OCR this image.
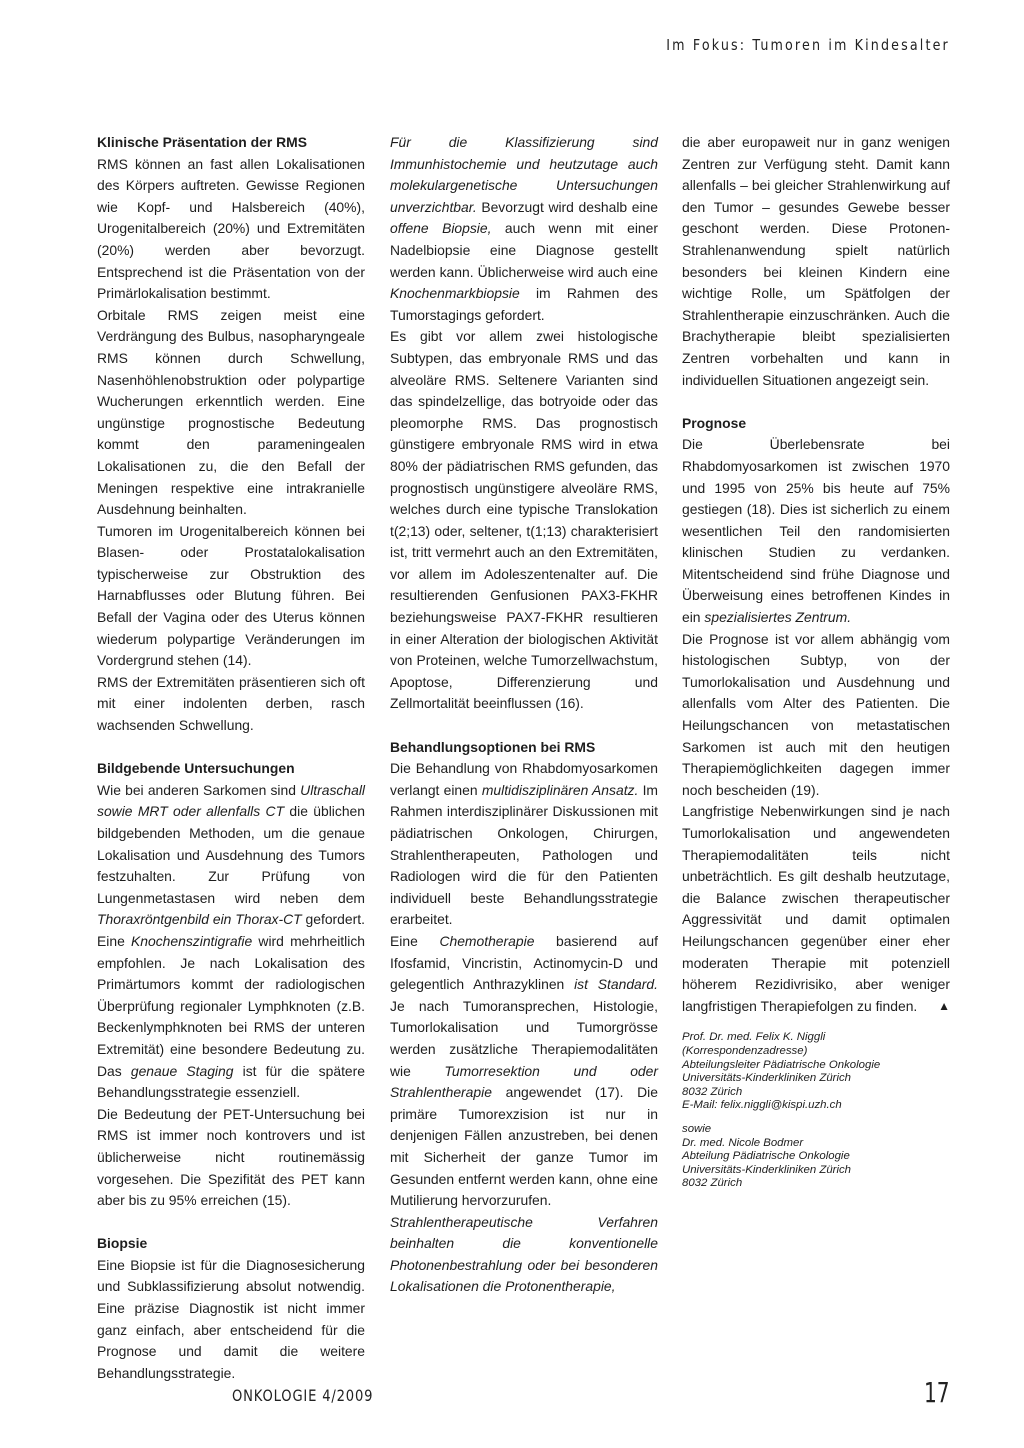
Im Fokus: Tumoren im Kindesalter
Klinische Präsentation der RMS

RMS können an fast allen Lokalisationen des Körpers auftreten. Gewisse Regionen wie Kopf- und Halsbereich (40%), Urogenitalbereich (20%) und Extremitäten (20%) werden aber bevorzugt. Entsprechend ist die Präsentation von der Primärlokalisation bestimmt.

Orbitale RMS zeigen meist eine Verdrängung des Bulbus, nasopharyngeale RMS können durch Schwellung, Nasenhöhlenobstruktion oder polypartige Wucherungen erkenntlich werden. Eine ungünstige prognostische Bedeutung kommt den parameningealen Lokalisationen zu, die den Befall der Meningen respektive eine intrakranielle Ausdehnung beinhalten.

Tumoren im Urogenitalbereich können bei Blasen- oder Prostatalokalisation typischerweise zur Obstruktion des Harnabflusses oder Blutung führen. Bei Befall der Vagina oder des Uterus können wiederum polypartige Veränderungen im Vordergrund stehen (14).

RMS der Extremitäten präsentieren sich oft mit einer indolenten derben, rasch wachsenden Schwellung.

Bildgebende Untersuchungen

Wie bei anderen Sarkomen sind Ultraschall sowie MRT oder allenfalls CT die üblichen bildgebenden Methoden, um die genaue Lokalisation und Ausdehnung des Tumors festzuhalten. Zur Prüfung von Lungenmetastasen wird neben dem Thoraxröntgenbild ein Thorax-CT gefordert. Eine Knochenszintigrafie wird mehrheitlich empfohlen. Je nach Lokalisation des Primärtumors kommt der radiologischen Überprüfung regionaler Lymphknoten (z.B. Beckenlymphknoten bei RMS der unteren Extremität) eine besondere Bedeutung zu. Das genaue Staging ist für die spätere Behandlungsstrategie essenziell.

Die Bedeutung der PET-Untersuchung bei RMS ist immer noch kontrovers und ist üblicherweise nicht routinemässig vorgesehen. Die Spezifität des PET kann aber bis zu 95% erreichen (15).

Biopsie

Eine Biopsie ist für die Diagnosesicherung und Subklassifizierung absolut notwendig. Eine präzise Diagnostik ist nicht immer ganz einfach, aber entscheidend für die Prognose und damit die weitere Behandlungsstrategie.

Für die Klassifizierung sind Immunhistochemie und heutzutage auch molekulargenetische Untersuchungen unverzichtbar. Bevorzugt wird deshalb eine offene Biopsie, auch wenn mit einer Nadelbiopsie eine Diagnose gestellt werden kann. Üblicherweise wird auch eine Knochenmarkbiopsie im Rahmen des Tumorstagings gefordert.

Es gibt vor allem zwei histologische Subtypen, das embryonale RMS und das alveoläre RMS. Seltenere Varianten sind das spindelzellige, das botryoide oder das pleomorphe RMS. Das prognostisch günstigere embryonale RMS wird in etwa 80% der pädiatrischen RMS gefunden, das prognostisch ungünstigere alveoläre RMS, welches durch eine typische Translokation t(2;13) oder, seltener, t(1;13) charakterisiert ist, tritt vermehrt auch an den Extremitäten, vor allem im Adoleszentenalter auf. Die resultierenden Genfusionen PAX3-FKHR beziehungsweise PAX7-FKHR resultieren in einer Alteration der biologischen Aktivität von Proteinen, welche Tumorzellwachstum, Apoptose, Differenzierung und Zellmortalität beeinflussen (16).

Behandlungsoptionen bei RMS

Die Behandlung von Rhabdomyosarkomen verlangt einen multidisziplinären Ansatz. Im Rahmen interdisziplinärer Diskussionen mit pädiatrischen Onkologen, Chirurgen, Strahlentherapeuten, Pathologen und Radiologen wird die für den Patienten individuell beste Behandlungsstrategie erarbeitet.

Eine Chemotherapie basierend auf Ifosfamid, Vincristin, Actinomycin-D und gelegentlich Anthrazyklinen ist Standard. Je nach Tumoransprechen, Histologie, Tumorlokalisation und Tumorgrösse werden zusätzliche Therapiemodalitäten wie Tumorresektion und oder Strahlentherapie angewendet (17). Die primäre Tumorexzision ist nur in denjenigen Fällen anzustreben, bei denen mit Sicherheit der ganze Tumor im Gesunden entfernt werden kann, ohne eine Mutilierung hervorzurufen.

Strahlentherapeutische Verfahren beinhalten die konventionelle Photonenbestrahlung oder bei besonderen Lokalisationen die Protonentherapie,

die aber europaweit nur in ganz wenigen Zentren zur Verfügung steht. Damit kann allenfalls – bei gleicher Strahlenwirkung auf den Tumor – gesundes Gewebe besser geschont werden. Diese Protonen-Strahlenanwendung spielt natürlich besonders bei kleinen Kindern eine wichtige Rolle, um Spätfolgen der Strahlentherapie einzuschränken. Auch die Brachytherapie bleibt spezialisierten Zentren vorbehalten und kann in individuellen Situationen angezeigt sein.

Prognose

Die Überlebensrate bei Rhabdomyosarkomen ist zwischen 1970 und 1995 von 25% bis heute auf 75% gestiegen (18). Dies ist sicherlich zu einem wesentlichen Teil den randomisierten klinischen Studien zu verdanken. Mitentscheidend sind frühe Diagnose und Überweisung eines betroffenen Kindes in ein spezialisiertes Zentrum.

Die Prognose ist vor allem abhängig vom histologischen Subtyp, von der Tumorlokalisation und Ausdehnung und allenfalls vom Alter des Patienten. Die Heilungschancen von metastatischen Sarkomen ist auch mit den heutigen Therapiemöglichkeiten dagegen immer noch bescheiden (19).

Langfristige Nebenwirkungen sind je nach Tumorlokalisation und angewendeten Therapiemodalitäten teils nicht unbeträchtlich. Es gilt deshalb heutzutage, die Balance zwischen therapeutischer Aggressivität und damit optimalen Heilungschancen gegenüber einer eher moderaten Therapie mit potenziell höherem Rezidivrisiko, aber weniger langfristigen Therapiefolgen zu finden. ▲

Prof. Dr. med. Felix K. Niggli
(Korrespondenzadresse)
Abteilungsleiter Pädiatrische Onkologie
Universitäts-Kinderkliniken Zürich
8032 Zürich
E-Mail: felix.niggli@kispi.uzh.ch
sowie
Dr. med. Nicole Bodmer
Abteilung Pädiatrische Onkologie
Universitäts-Kinderkliniken Zürich
8032 Zürich
ONKOLOGIE 4/2009	17
